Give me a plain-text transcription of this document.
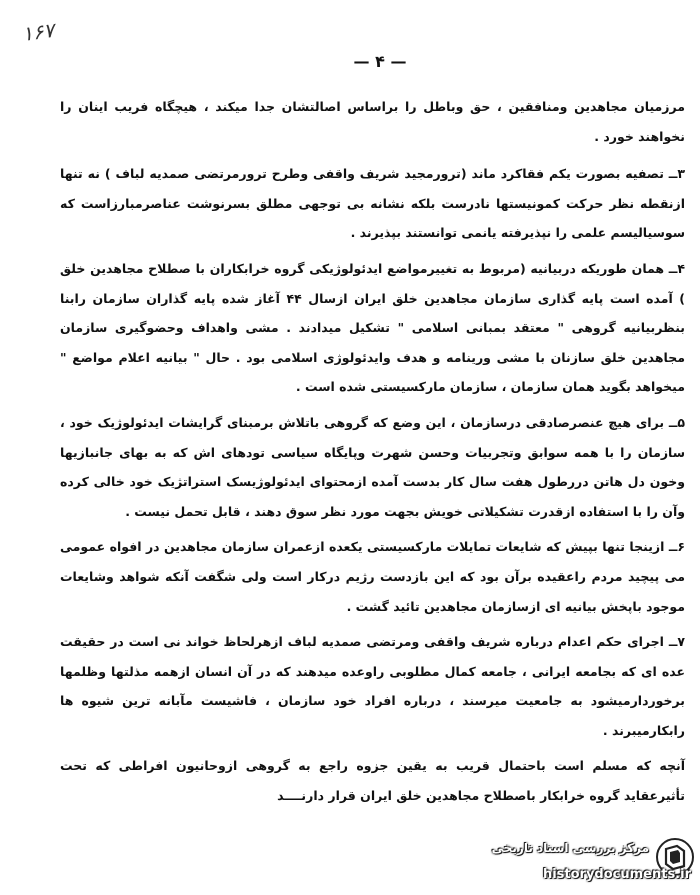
۱۶۷
— ۴ —

مرزمیان مجاهدین ومنافقین ، حق وباطل را براساس اصالتشان جدا میکند ، هیچگاه فریب اینان را نخواهند خورد .

۳ــ تصفیه بصورت یکم فقاکرد ماند (ترورمجید شریف واقفی وطرح ترورمرتضی صمدیه لباف ) نه تنها ازنقطه نظر حرکت کمونیستها نادرست بلکه نشانه بی توجهی مطلق بسرنوشت عناصرمبارزاست که سوسیالیسم علمی را نپذیرفته یانمی توانستند بپذیرند .

۴ــ همان طوریکه دربیانیه (مربوط به تغییرمواضع ایدئولوژیکی گروه خرابکاران با صطلاح مجاهدین خلق ) آمده است پایه گذاری سازمان مجاهدین خلق ایران ازسال ۴۴ آغاز شده پایه گذاران سازمان رابنا بنظربیانیه گروهی " معتقد بمبانی اسلامی " تشکیل میدادند . مشی واهداف وحضوگیری سازمان مجاهدین خلق سازنان با مشی ورینامه و هدف وایدئولوژی اسلامی بود . حال " بیانیه اعلام مواضع " میخواهد بگوید همان سازمان ، سازمان مارکسیستی شده است .

۵ــ برای هیچ عنصرصادقی درسازمان ، این وضع که گروهی باتلاش برمبنای گرایشات ایدئولوژیک خود ، سازمان را با همه سوابق وتجربیات وحسن شهرت وپایگاه سیاسی تودهای اش که به بهای جانبازیها وخون دل هاتن دررطول هفت سال کار بدست آمده ازمحتوای ایدئولوژیسک استراتژیک خود خالی کرده وآن را با استفاده ازقدرت تشکیلاتی خویش بجهت مورد نظر سوق دهند ، قابل تحمل نیست .

۶ــ ازینجا تنها بپیش که شایعات تمایلات مارکسیستی یکعده ازعمران سازمان مجاهدین در افواه عمومی می پیچید مردم راعقیده برآن بود که این بازدست رژیم درکار است ولی شگفت آنکه شواهد وشایعات موجود باپخش بیانیه ای ازسازمان مجاهدین تائید گشت .

۷ــ اجرای حکم اعدام درباره شریف واقفی ومرتضی صمدیه لباف ازهرلحاظ خواند نی است در حقیقت عده ای که بجامعه ایرانی ، جامعه کمال مطلوبی راوعده میدهند که در آن انسان ازهمه مذلتها وظلمها برخوردارمیشود به جامعیت میرسند ، درباره افراد خود سازمان ، فاشیست مآبانه ترین شیوه ها رابکارمیبرند .

آنچه که مسلم است باحتمال قریب به یقین جزوه راجع به گروهی ازوحانیون افراطی که تحت تأثیرعقاید گروه خرابکار باصطلاح مجاهدین خلق ایران قرار دارنــــد

مرکز بررسی اسناد تاریخی
historydocuments.ir
